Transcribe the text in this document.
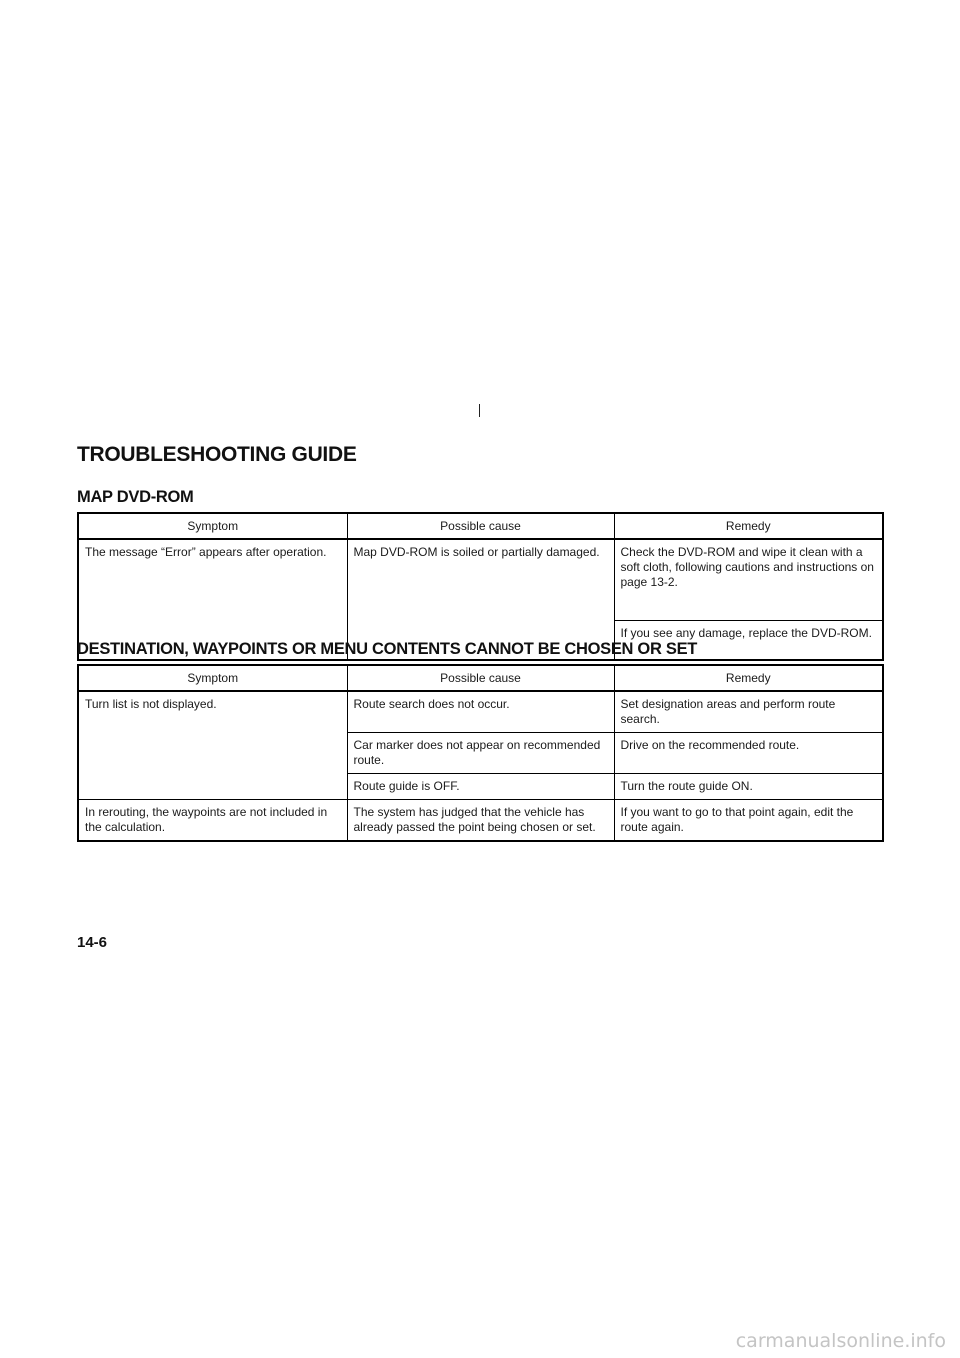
TROUBLESHOOTING GUIDE
MAP DVD-ROM
Symptom	Possible cause	Remedy
The message “Error” appears after operation.	Map DVD-ROM is soiled or partially damaged.	Check the DVD-ROM and wipe it clean with a soft cloth, following cautions and instructions on page 13-2.
		If you see any damage, replace the DVD-ROM.
DESTINATION, WAYPOINTS OR MENU CONTENTS CANNOT BE CHOSEN OR SET
Symptom	Possible cause	Remedy
Turn list is not displayed.	Route search does not occur.	Set designation areas and perform route search.
	Car marker does not appear on recommended route.	Drive on the recommended route.
	Route guide is OFF.	Turn the route guide ON.
In rerouting, the waypoints are not included in the calculation.	The system has judged that the vehicle has already passed the point being chosen or set.	If you want to go to that point again, edit the route again.

14-6

carmanualsonline.info
